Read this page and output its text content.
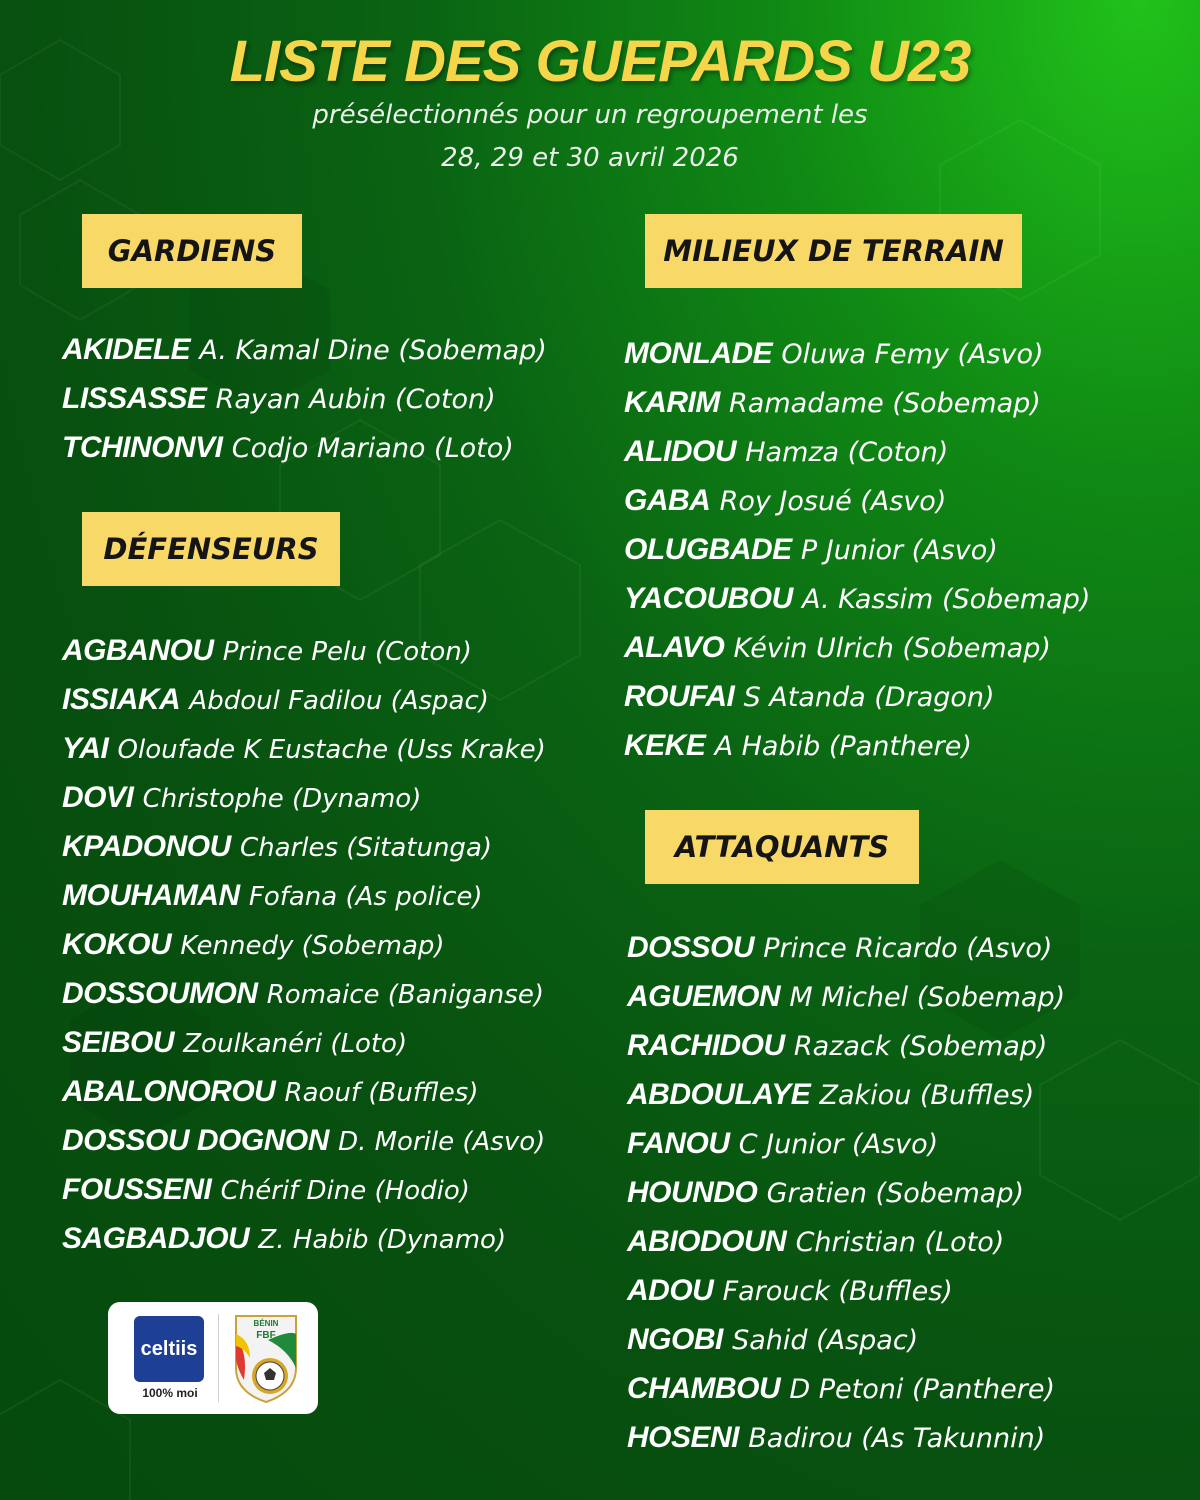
LISTE DES GUEPARDS U23
présélectionnés pour un regroupement les
28, 29 et 30 avril 2026
GARDIENS
DÉFENSEURS
MILIEUX DE TERRAIN
ATTAQUANTS
AKIDELE A. Kamal Dine (Sobemap)
LISSASSE Rayan Aubin (Coton)
TCHINONVI Codjo Mariano (Loto)
AGBANOU Prince Pelu (Coton)
ISSIAKA Abdoul Fadilou (Aspac)
YAI Oloufade K Eustache (Uss Krake)
DOVI Christophe (Dynamo)
KPADONOU Charles (Sitatunga)
MOUHAMAN Fofana (As police)
KOKOU Kennedy (Sobemap)
DOSSOUMON Romaice (Baniganse)
SEIBOU Zoulkanéri (Loto)
ABALONOROU Raouf (Buffles)
DOSSOU DOGNON D. Morile (Asvo)
FOUSSENI Chérif Dine (Hodio)
SAGBADJOU Z. Habib (Dynamo)
MONLADE Oluwa Femy (Asvo)
KARIM Ramadame (Sobemap)
ALIDOU Hamza (Coton)
GABA Roy Josué (Asvo)
OLUGBADE P Junior (Asvo)
YACOUBOU A. Kassim (Sobemap)
ALAVO Kévin Ulrich (Sobemap)
ROUFAI S Atanda (Dragon)
KEKE A Habib (Panthere)
DOSSOU Prince Ricardo (Asvo)
AGUEMON M Michel (Sobemap)
RACHIDOU Razack (Sobemap)
ABDOULAYE Zakiou (Buffles)
FANOU C Junior (Asvo)
HOUNDO Gratien (Sobemap)
ABIODOUN Christian (Loto)
ADOU Farouck (Buffles)
NGOBI Sahid (Aspac)
CHAMBOU D Petoni (Panthere)
HOSENI Badirou (As Takunnin)
celtiis
100% moi
BÉNIN
FBF
